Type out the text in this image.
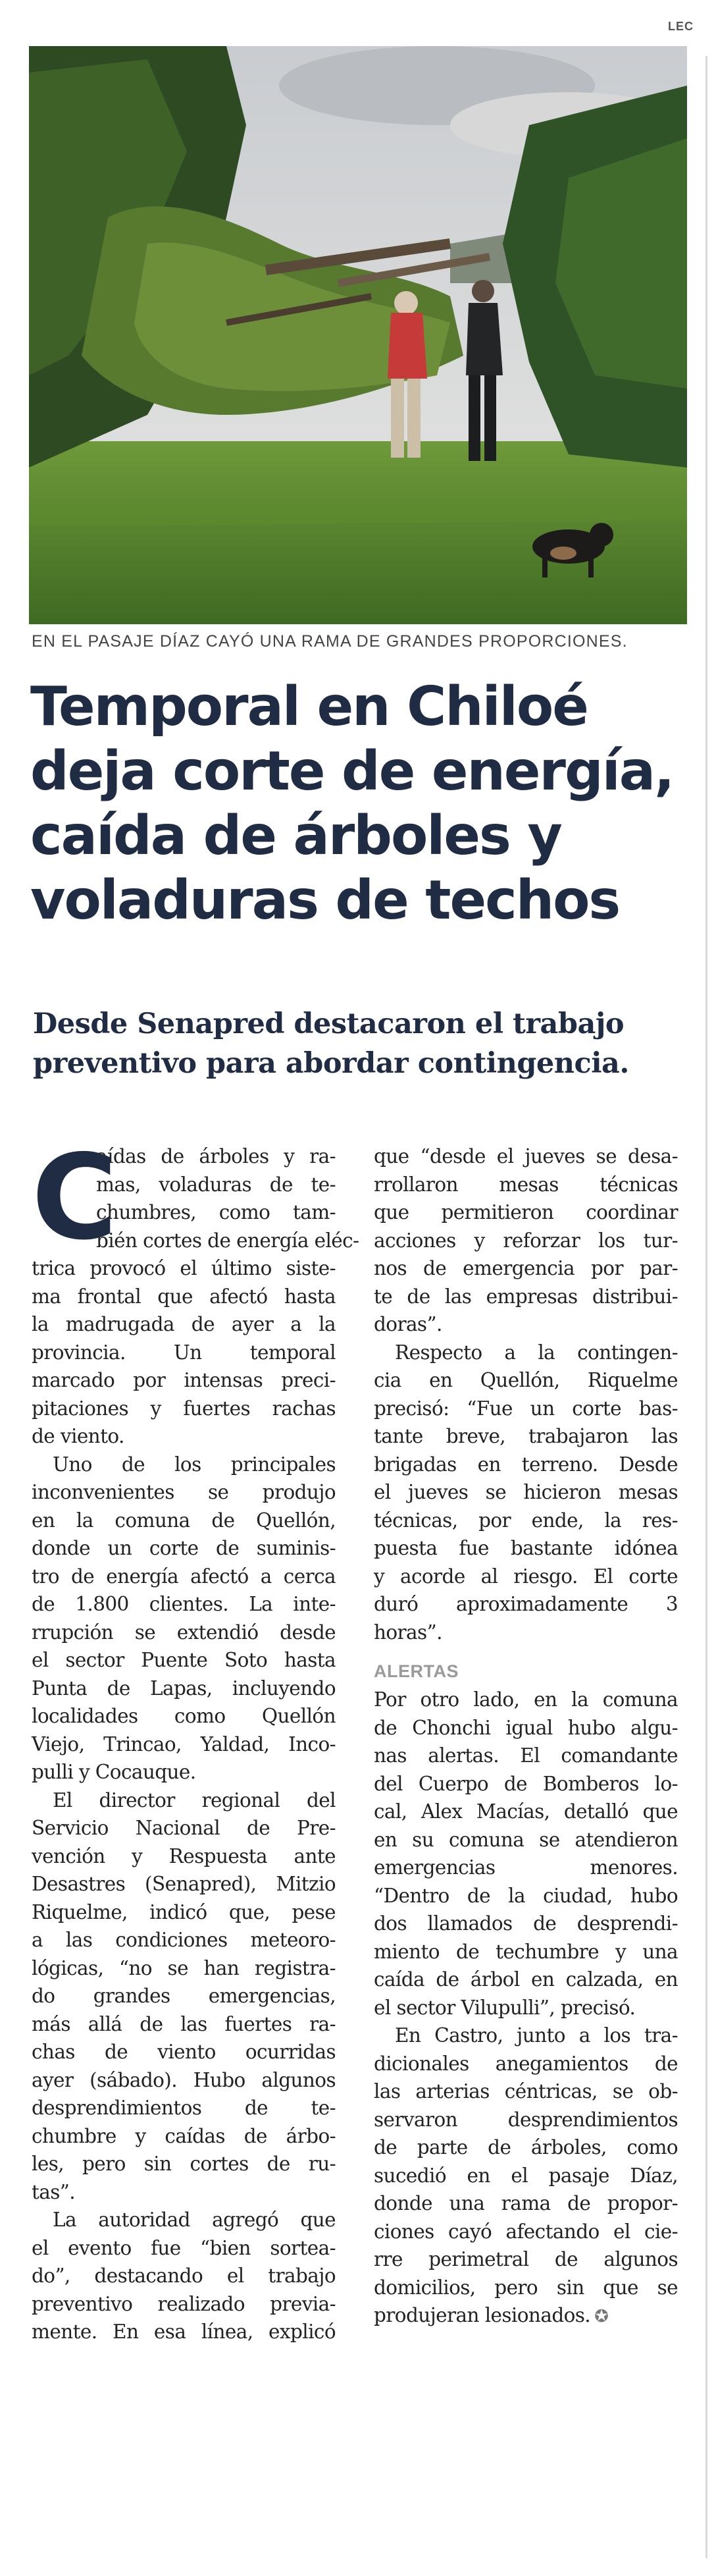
LEC
EN EL PASAJE DÍAZ CAYÓ UNA RAMA DE GRANDES PROPORCIONES.
Temporal en Chiloé
deja corte de energía,
caída de árboles y
voladuras de techos
Desde Senapred destacaron el trabajo
preventivo para abordar contingencia.
C

aídas de árboles y ra-
mas, voladuras de te-
chumbres, como tam-
bién cortes de energía eléc-

trica provocó el último siste-
ma frontal que afectó hasta
la madrugada de ayer a la
provincia. Un temporal
marcado por intensas preci-
pitaciones y fuertes rachas
de viento.

Uno de los principales
inconvenientes se produjo
en la comuna de Quellón,
donde un corte de suminis-
tro de energía afectó a cerca
de 1.800 clientes. La inte-
rrupción se extendió desde
el sector Puente Soto hasta
Punta de Lapas, incluyendo
localidades como Quellón
Viejo, Trincao, Yaldad, Inco-
pulli y Cocauque.

El director regional del
Servicio Nacional de Pre-
vención y Respuesta ante
Desastres (Senapred), Mitzio
Riquelme, indicó que, pese
a las condiciones meteoro-
lógicas, “no se han registra-
do grandes emergencias,
más allá de las fuertes ra-
chas de viento ocurridas
ayer (sábado). Hubo algunos
desprendimientos de te-
chumbre y caídas de árbo-
les, pero sin cortes de ru-
tas”.

La autoridad agregó que
el evento fue “bien sorteа-
do”, destacando el trabajo
preventivo realizado previa-
mente. En esa línea, explicó

que “desde el jueves se desa-
rrollaron mesas técnicas
que permitieron coordinar
acciones y reforzar los tur-
nos de emergencia por par-
te de las empresas distribui-
doras”.

Respecto a la contingen-
cia en Quellón, Riquelme
precisó: “Fue un corte bas-
tante breve, trabajaron las
brigadas en terreno. Desde
el jueves se hicieron mesas
técnicas, por ende, la res-
puesta fue bastante idónea
y acorde al riesgo. El corte
duró aproximadamente 3
horas”.

ALERTAS

Por otro lado, en la comuna
de Chonchi igual hubo algu-
nas alertas. El comandante
del Cuerpo de Bomberos lo-
cal, Alex Macías, detalló que
en su comuna se atendieron
emergencias menores.
“Dentro de la ciudad, hubo
dos llamados de desprendi-
miento de techumbre y una
caída de árbol en calzada, en
el sector Vilupulli”, precisó.

En Castro, junto a los tra-
dicionales anegamientos de
las arterias céntricas, se ob-
servaron desprendimientos
de parte de árboles, como
sucedió en el pasaje Díaz,
donde una rama de propor-
ciones cayó afectando el cie-
rre perimetral de algunos
domicilios, pero sin que se
produjeran lesionados. ✪
